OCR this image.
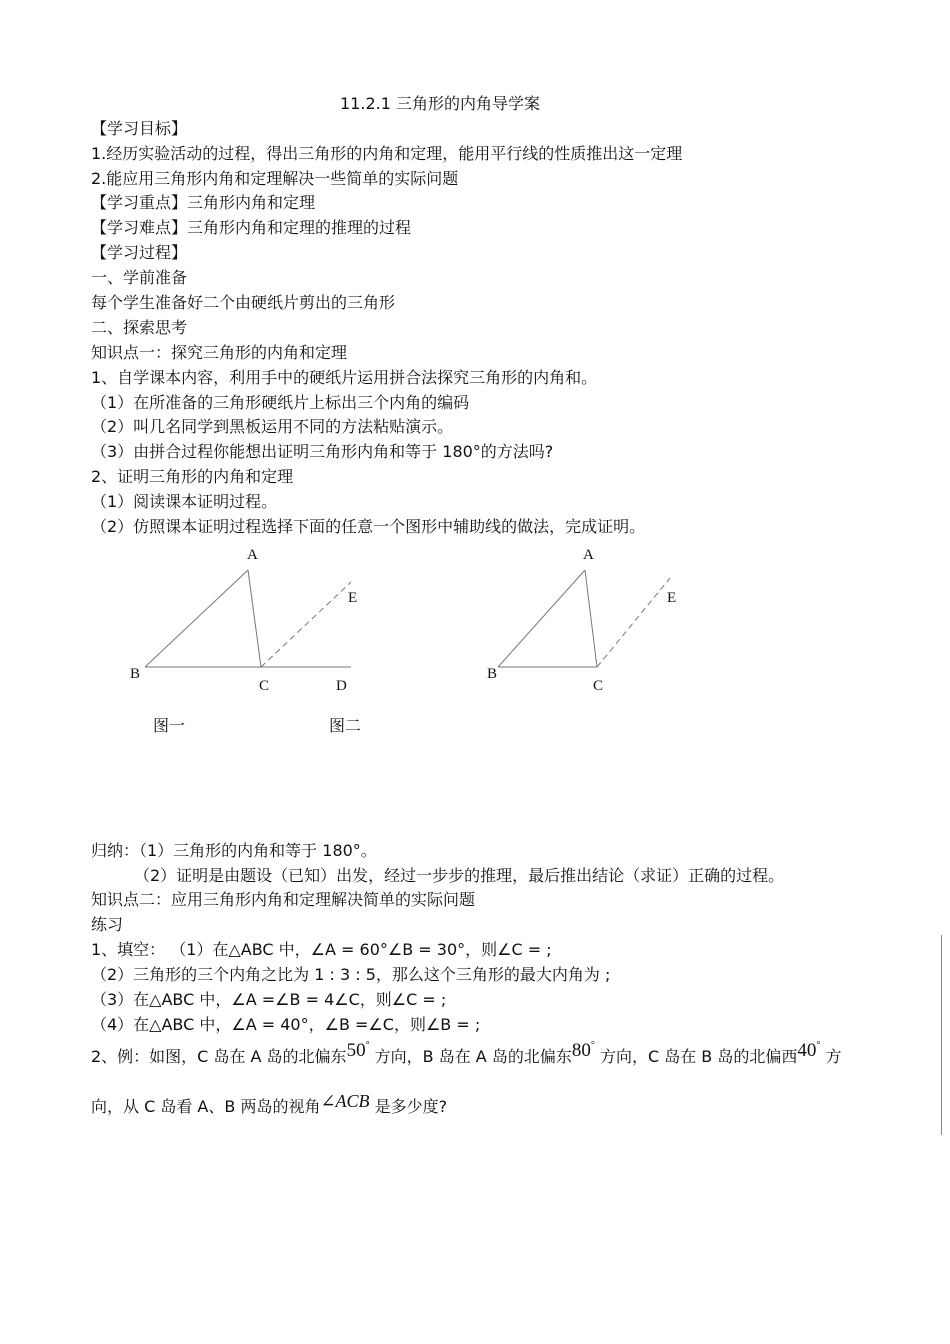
11.2.1 三角形的内角导学案
【学习目标】
1.经历实验活动的过程，得出三角形的内角和定理，能用平行线的性质推出这一定理
2.能应用三角形内角和定理解决一些简单的实际问题
【学习重点】三角形内角和定理
【学习难点】三角形内角和定理的推理的过程
【学习过程】
一、学前准备
每个学生准备好二个由硬纸片剪出的三角形
二、探索思考
知识点一：探究三角形的内角和定理
1、自学课本内容，利用手中的硬纸片运用拼合法探究三角形的内角和。
（1）在所准备的三角形硬纸片上标出三个内角的编码
（2）叫几名同学到黑板运用不同的方法粘贴演示。
（3）由拼合过程你能想出证明三角形内角和等于 180°的方法吗?
2、证明三角形的内角和定理
（1）阅读课本证明过程。
（2）仿照课本证明过程选择下面的任意一个图形中辅助线的做法，完成证明。
A
B
C	D
E
图一
A
B
C
E
图二
归纳：（1）三角形的内角和等于 180°。
（2）证明是由题设（已知）出发，经过一步步的推理，最后推出结论（求证）正确的过程。
知识点二：应用三角形内角和定理解决简单的实际问题
练习
1、填空： （1）在△ABC 中，∠A = 60°∠B = 30°，则∠C = ;
（2）三角形的三个内角之比为 1 : 3 : 5，那么这个三角形的最大内角为 ;
（3）在△ABC 中，∠A =∠B = 4∠C，则∠C = ;
（4）在△ABC 中，∠A = 40°，∠B =∠C，则∠B = ;
2、例：如图，C 岛在 A 岛的北偏东50° 方向，B 岛在 A 岛的北偏东80° 方向，C 岛在 B 岛的北偏西40° 方
向，从 C 岛看 A、B 两岛的视角∠ACB 是多少度?
